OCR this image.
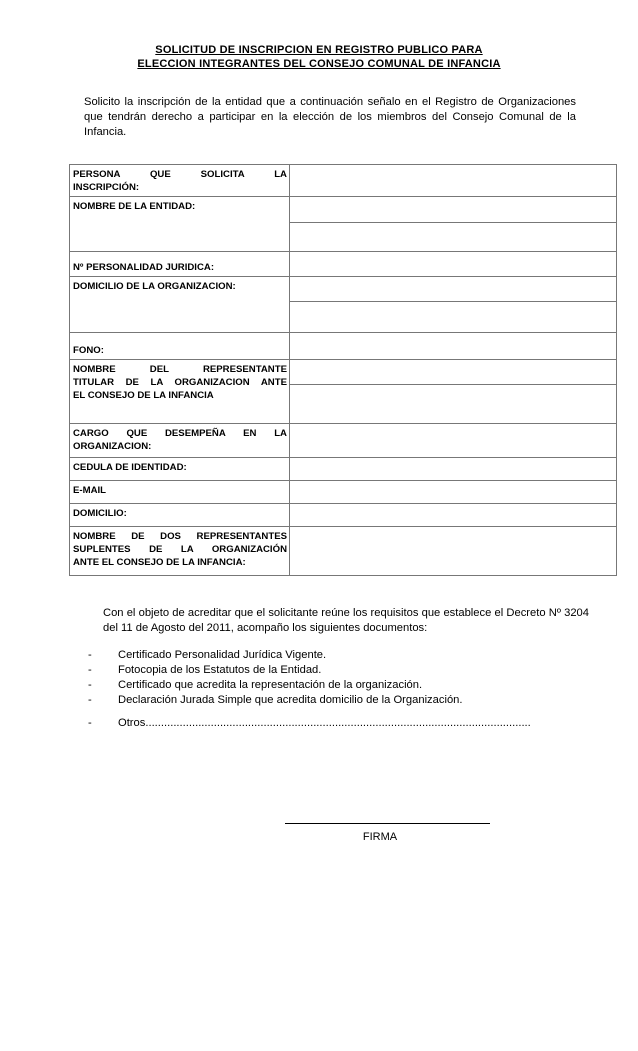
SOLICITUD DE INSCRIPCION EN REGISTRO PUBLICO PARA
ELECCION INTEGRANTES DEL CONSEJO COMUNAL DE INFANCIA
Solicito la inscripción de la entidad que a continuación señalo en el Registro de Organizaciones que tendrán derecho a participar en la elección de los miembros del Consejo Comunal de la Infancia.
PERSONA QUE SOLICITA LA
INSCRIPCIÓN:	
NOMBRE DE LA ENTIDAD:	

Nº PERSONALIDAD JURIDICA:	
DOMICILIO DE LA ORGANIZACION:	

FONO:	

NOMBRE DEL REPRESENTANTE
TITULAR DE LA ORGANIZACION ANTE
EL CONSEJO DE LA INFANCIA	

CARGO QUE DESEMPEÑA EN LA
ORGANIZACION:	
CEDULA DE IDENTIDAD:	
E-MAIL	
DOMICILIO:	

NOMBRE DE DOS REPRESENTANTES
SUPLENTES DE LA ORGANIZACIÓN
ANTE EL CONSEJO DE LA INFANCIA:	
Con el objeto de acreditar que el solicitante reúne los requisitos que establece el Decreto Nº 3204 del 11 de Agosto del 2011, acompaño los siguientes documentos:
-	Certificado Personalidad Jurídica Vigente.
-	Fotocopia de los Estatutos de la Entidad.
-	Certificado que acredita la representación de la organización.
-	Declaración Jurada Simple que acredita domicilio de la Organización.
-	Otros............................................................................................................................
FIRMA
